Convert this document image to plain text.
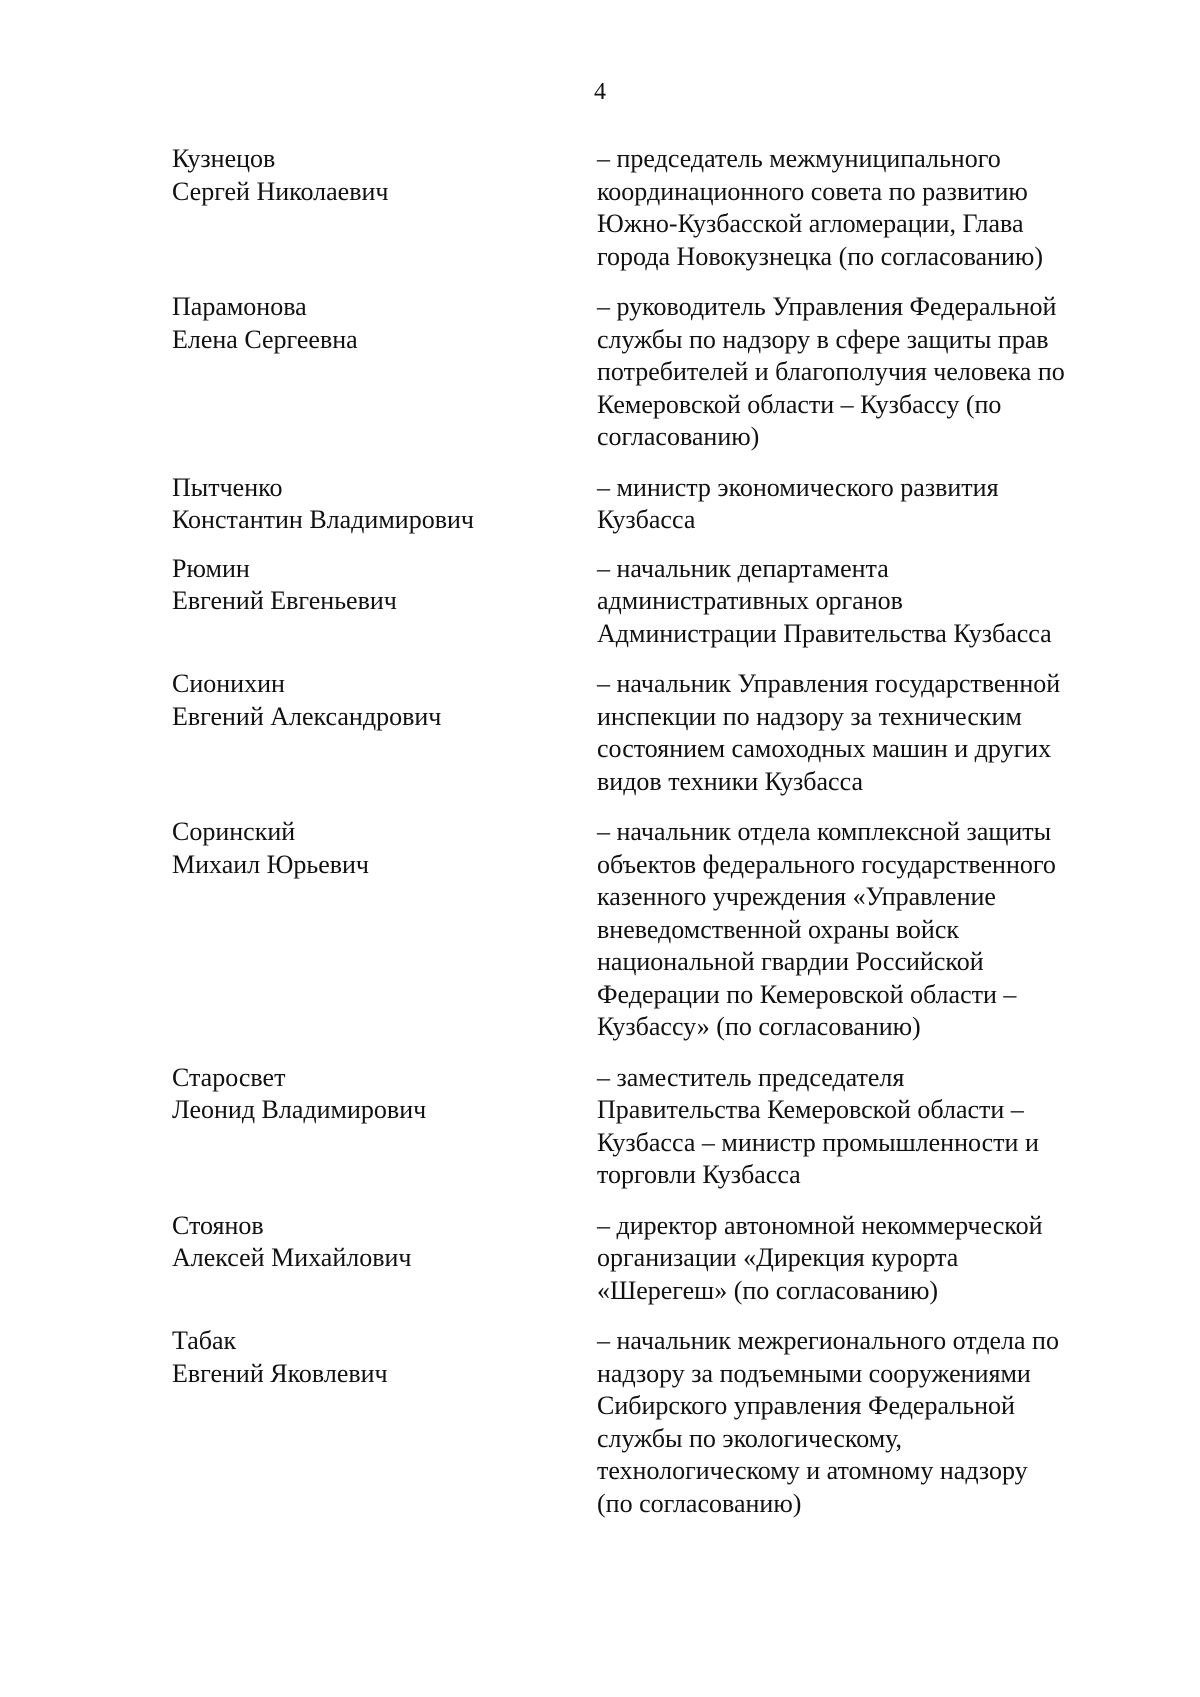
4
Кузнецов
Сергей Николаевич
– председатель межмуниципального
координационного совета по развитию
Южно-Кузбасской агломерации, Глава
города Новокузнецка (по согласованию)
Парамонова
Елена Сергеевна
– руководитель Управления Федеральной
службы по надзору в сфере защиты прав
потребителей и благополучия человека по
Кемеровской области – Кузбассу (по
согласованию)
Пытченко
Константин Владимирович
– министр экономического развития
Кузбасса
Рюмин
Евгений Евгеньевич
– начальник департамента
административных органов
Администрации Правительства Кузбасса
Сионихин
Евгений Александрович
– начальник Управления государственной
инспекции по надзору за техническим
состоянием самоходных машин и других
видов техники Кузбасса
Соринский
Михаил Юрьевич
– начальник отдела комплексной защиты
объектов федерального государственного
казенного учреждения «Управление
вневедомственной охраны войск
национальной гвардии Российской
Федерации по Кемеровской области –
Кузбассу» (по согласованию)
Старосвет
Леонид Владимирович
– заместитель председателя
Правительства Кемеровской области –
Кузбасса – министр промышленности и
торговли Кузбасса
Стоянов
Алексей Михайлович
– директор автономной некоммерческой
организации «Дирекция курорта
«Шерегеш» (по согласованию)
Табак
Евгений Яковлевич
– начальник межрегионального отдела по
надзору за подъемными сооружениями
Сибирского управления Федеральной
службы по экологическому,
технологическому и атомному надзору
(по согласованию)
